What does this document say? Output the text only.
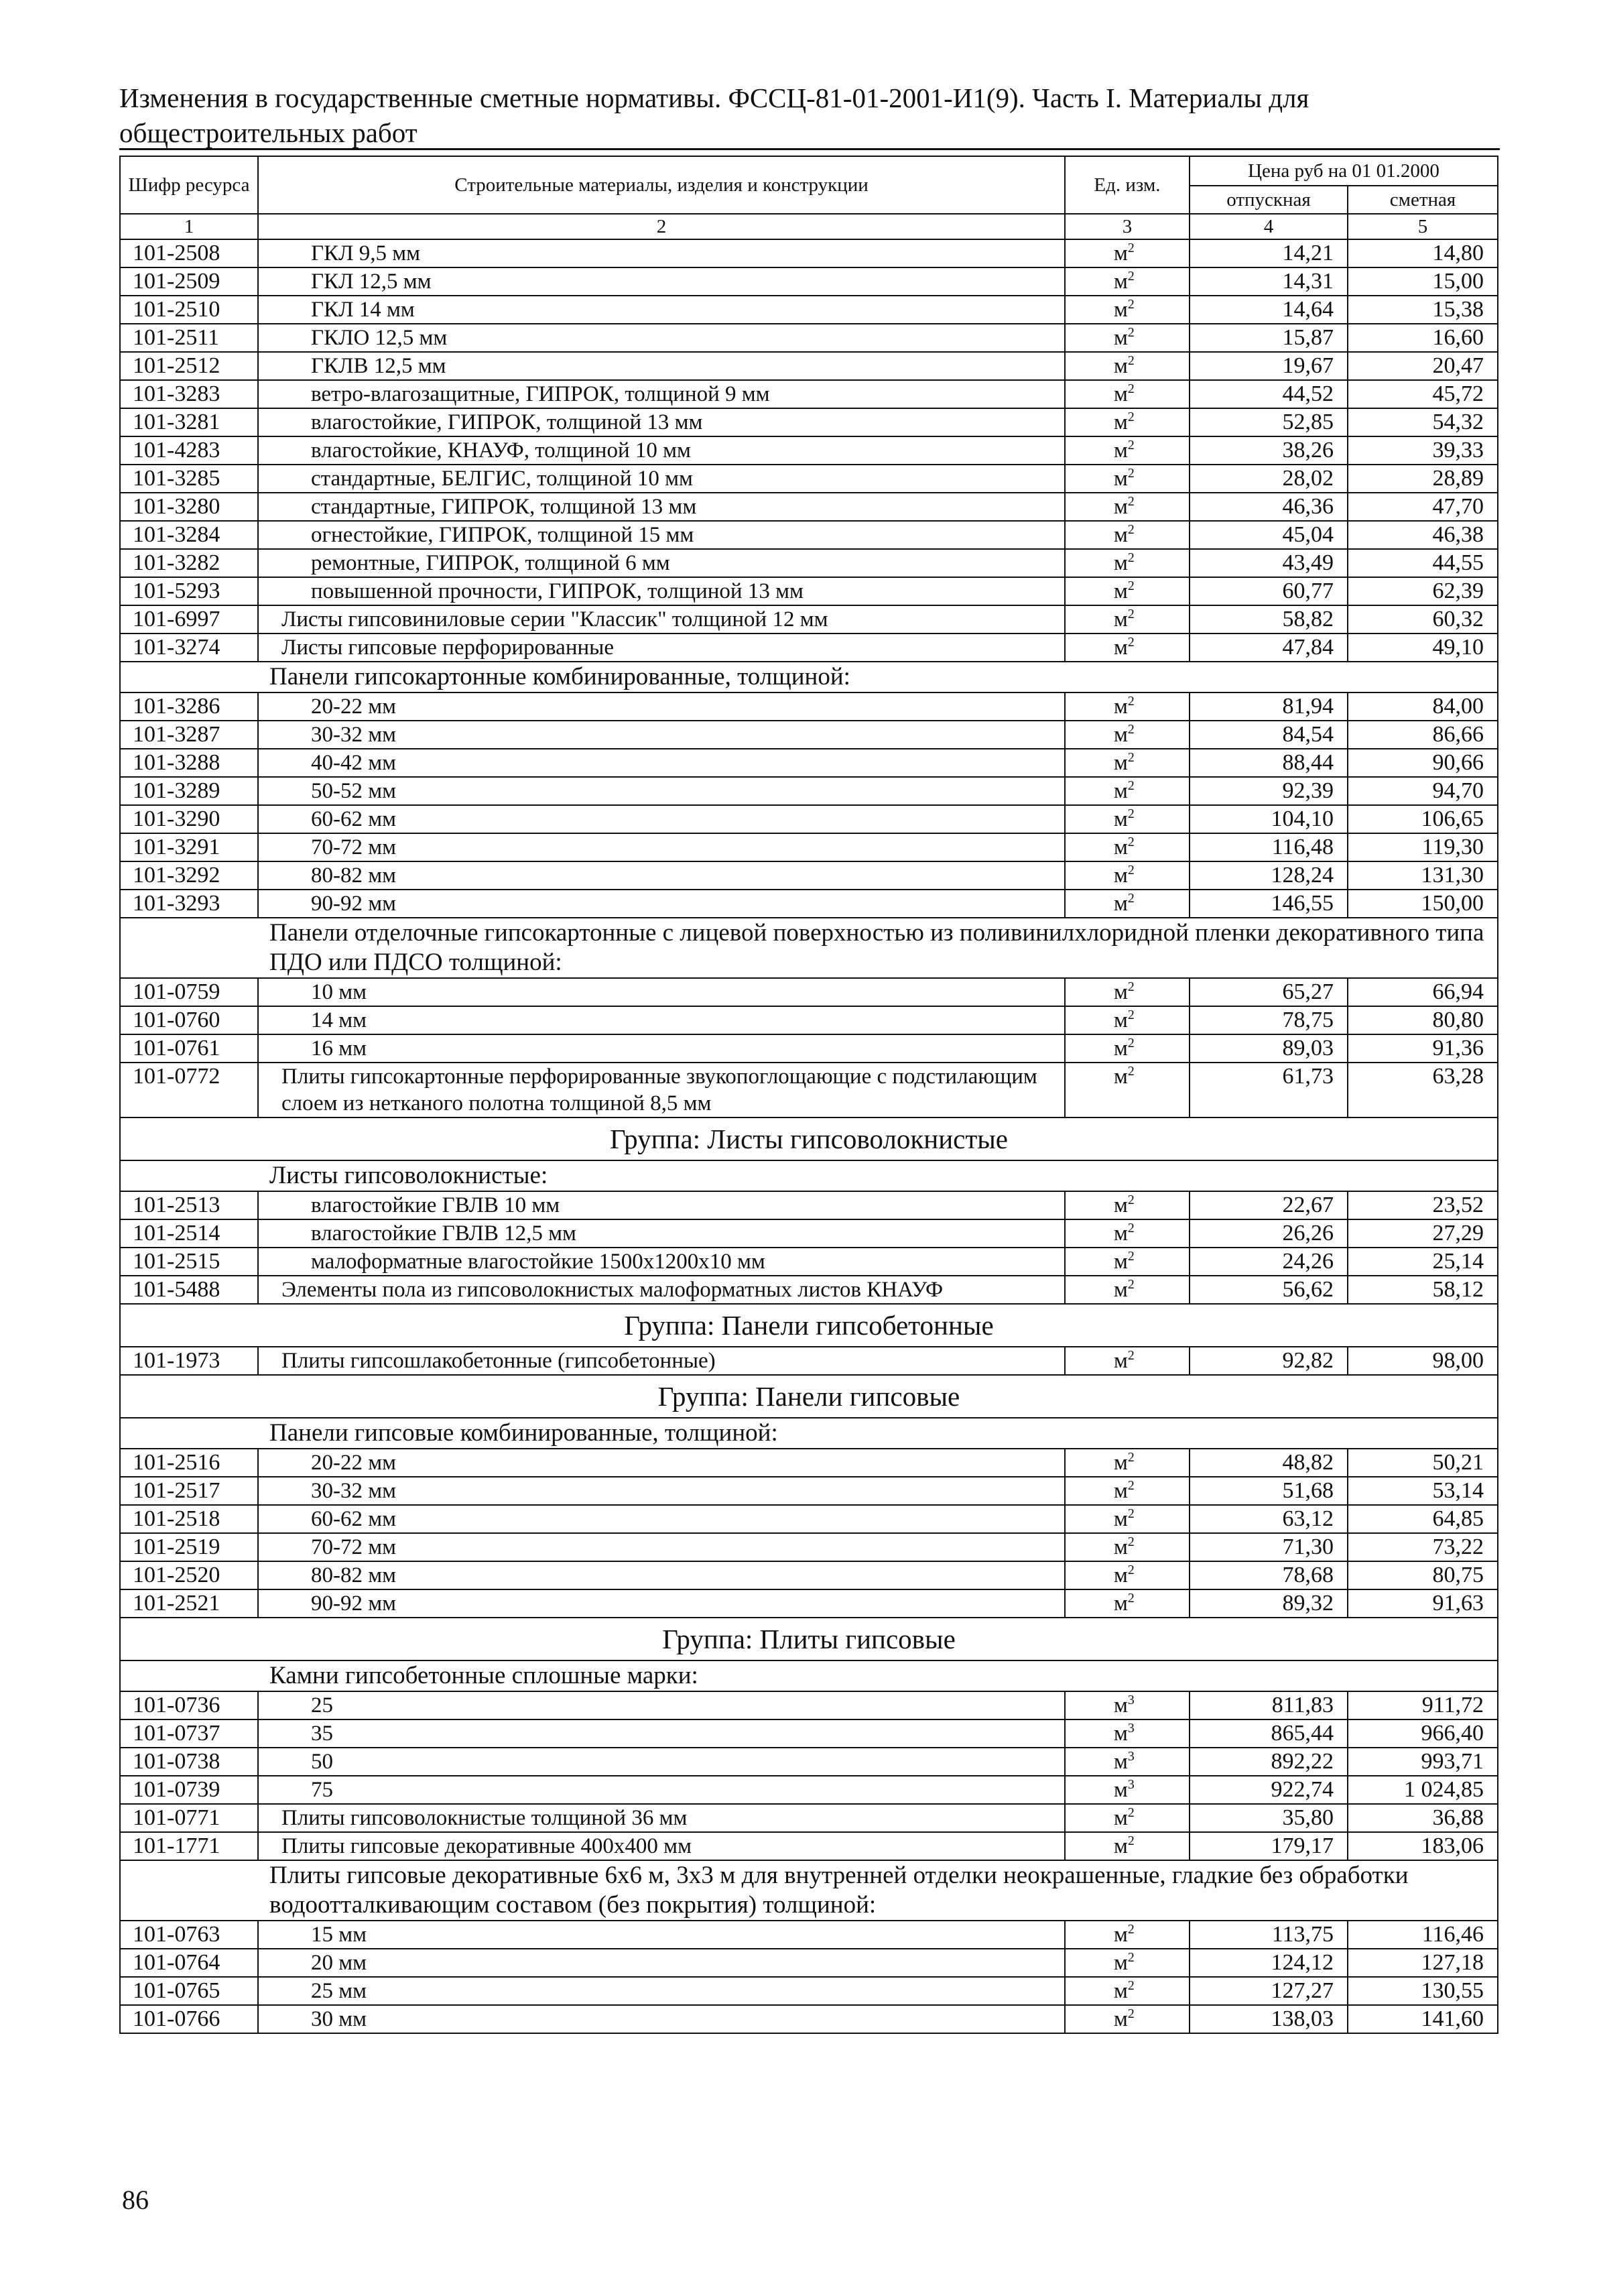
Изменения в государственные сметные нормативы. ФССЦ-81-01-2001-И1(9). Часть I. Материалы для общестроительных работ
Шифр ресурса	Строительные материалы, изделия и конструкции	Ед. изм.	Цена руб на 01 01.2000	
			отпускная	сметная
1	2	3	4	5
101-2508	ГКЛ 9,5 мм	$м^2$	14,21	14,80
101-2509	ГКЛ 12,5 мм	$м^2$	14,31	15,00
101-2510	ГКЛ 14 мм	$м^2$	14,64	15,38
101-2511	ГКЛО 12,5 мм	$м^2$	15,87	16,60
101-2512	ГКЛВ 12,5 мм	$м^2$	19,67	20,47
101-3283	ветро-влагозащитные, ГИПРОК, толщиной 9 мм	$м^2$	44,52	45,72
101-3281	влагостойкие, ГИПРОК, толщиной 13 мм	$м^2$	52,85	54,32
101-4283	влагостойкие, КНАУФ, толщиной 10 мм	$м^2$	38,26	39,33
101-3285	стандартные, БЕЛГИС, толщиной 10 мм	$м^2$	28,02	28,89
101-3280	стандартные, ГИПРОК, толщиной 13 мм	$м^2$	46,36	47,70
101-3284	огнестойкие, ГИПРОК, толщиной 15 мм	$м^2$	45,04	46,38
101-3282	ремонтные, ГИПРОК, толщиной 6 мм	$м^2$	43,49	44,55
101-5293	повышенной прочности, ГИПРОК, толщиной 13 мм	$м^2$	60,77	62,39
101-6997	Листы гипсовиниловые серии "Классик" толщиной 12 мм	$м^2$	58,82	60,32
101-3274	Листы гипсовые перфорированные	$м^2$	47,84	49,10
Панели гипсокартонные комбинированные, толщиной:				
101-3286	20-22 мм	$м^2$	81,94	84,00
101-3287	30-32 мм	$м^2$	84,54	86,66
101-3288	40-42 мм	$м^2$	88,44	90,66
101-3289	50-52 мм	$м^2$	92,39	94,70
101-3290	60-62 мм	$м^2$	104,10	106,65
101-3291	70-72 мм	$м^2$	116,48	119,30
101-3292	80-82 мм	$м^2$	128,24	131,30
101-3293	90-92 мм	$м^2$	146,55	150,00
Панели отделочные гипсокартонные с лицевой поверхностью из поливинилхлоридной пленки декоративного типа ПДО или ПДСО толщиной:				
101-0759	10 мм	$м^2$	65,27	66,94
101-0760	14 мм	$м^2$	78,75	80,80
101-0761	16 мм	$м^2$	89,03	91,36
101-0772	Плиты гипсокартонные перфорированные звукопоглощающие с подстилающим слоем из нетканого полотна толщиной 8,5 мм	$м^2$	61,73	63,28
Группа: Листы гипсоволокнистые				
Листы гипсоволокнистые:				
101-2513	влагостойкие ГВЛВ 10 мм	$м^2$	22,67	23,52
101-2514	влагостойкие ГВЛВ 12,5 мм	$м^2$	26,26	27,29
101-2515	малоформатные влагостойкие 1500х1200х10 мм	$м^2$	24,26	25,14
101-5488	Элементы пола из гипсоволокнистых малоформатных листов КНАУФ	$м^2$	56,62	58,12
Группа: Панели гипсобетонные				
101-1973	Плиты гипсошлакобетонные (гипсобетонные)	$м^2$	92,82	98,00
Группа: Панели гипсовые				
Панели гипсовые комбинированные, толщиной:				
101-2516	20-22 мм	$м^2$	48,82	50,21
101-2517	30-32 мм	$м^2$	51,68	53,14
101-2518	60-62 мм	$м^2$	63,12	64,85
101-2519	70-72 мм	$м^2$	71,30	73,22
101-2520	80-82 мм	$м^2$	78,68	80,75
101-2521	90-92 мм	$м^2$	89,32	91,63
Группа: Плиты гипсовые				
Камни гипсобетонные сплошные марки:				
101-0736	25	$м^3$	811,83	911,72
101-0737	35	$м^3$	865,44	966,40
101-0738	50	$м^3$	892,22	993,71
101-0739	75	$м^3$	922,74	1 024,85
101-0771	Плиты гипсоволокнистые толщиной 36 мм	$м^2$	35,80	36,88
101-1771	Плиты гипсовые декоративные 400х400 мм	$м^2$	179,17	183,06
Плиты гипсовые декоративные 6х6 м, 3х3 м для внутренней отделки неокрашенные, гладкие без обработки водоотталкивающим составом (без покрытия) толщиной:				
101-0763	15 мм	$м^2$	113,75	116,46
101-0764	20 мм	$м^2$	124,12	127,18
101-0765	25 мм	$м^2$	127,27	130,55
101-0766	30 мм	$м^2$	138,03	141,60
86
